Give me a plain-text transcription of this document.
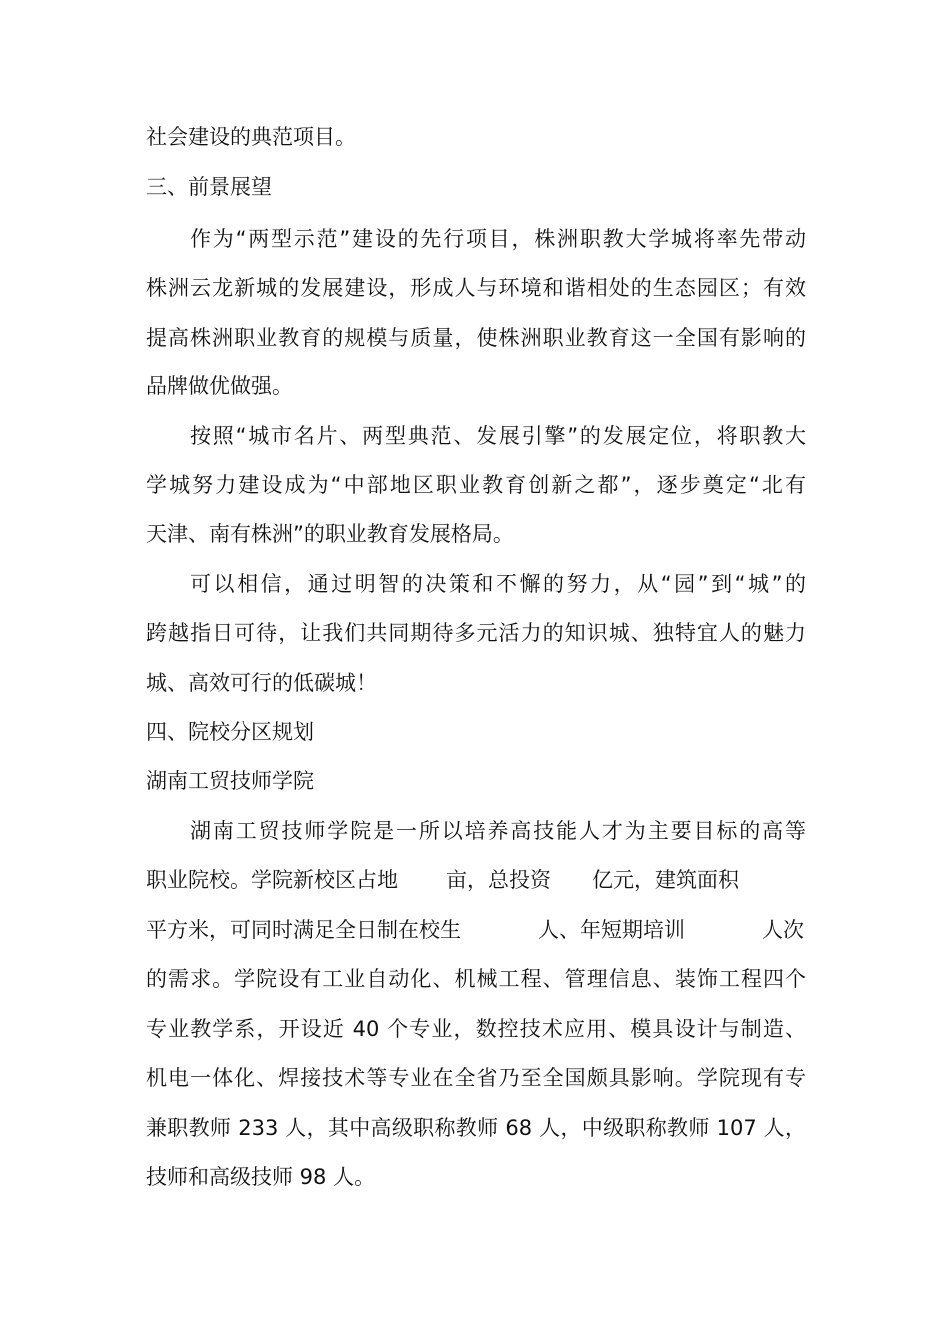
社会建设的典范项目。
三、前景展望
作为“两型示范”建设的先行项目，株洲职教大学城将率先带动
株洲云龙新城的发展建设，形成人与环境和谐相处的生态园区；有效
提高株洲职业教育的规模与质量，使株洲职业教育这一全国有影响的
品牌做优做强。
按照“城市名片、两型典范、发展引擎”的发展定位，将职教大
学城努力建设成为“中部地区职业教育创新之都”，逐步奠定“北有
天津、南有株洲”的职业教育发展格局。
可以相信，通过明智的决策和不懈的努力，从“园”到“城”的
跨越指日可待，让我们共同期待多元活力的知识城、独特宜人的魅力
城、高效可行的低碳城！
四、院校分区规划
湖南工贸技师学院
湖南工贸技师学院是一所以培养高技能人才为主要目标的高等
职业院校。学院新校区占地 亩，总投资 亿元，建筑面积
平方米，可同时满足全日制在校生	人、年短期培训	人次
的需求。学院设有工业自动化、机械工程、管理信息、装饰工程四个
专业教学系，开设近 40 个专业，数控技术应用、模具设计与制造、
机电一体化、焊接技术等专业在全省乃至全国颇具影响。学院现有专
兼职教师 233 人，其中高级职称教师 68 人，中级职称教师 107 人，
技师和高级技师 98 人。
